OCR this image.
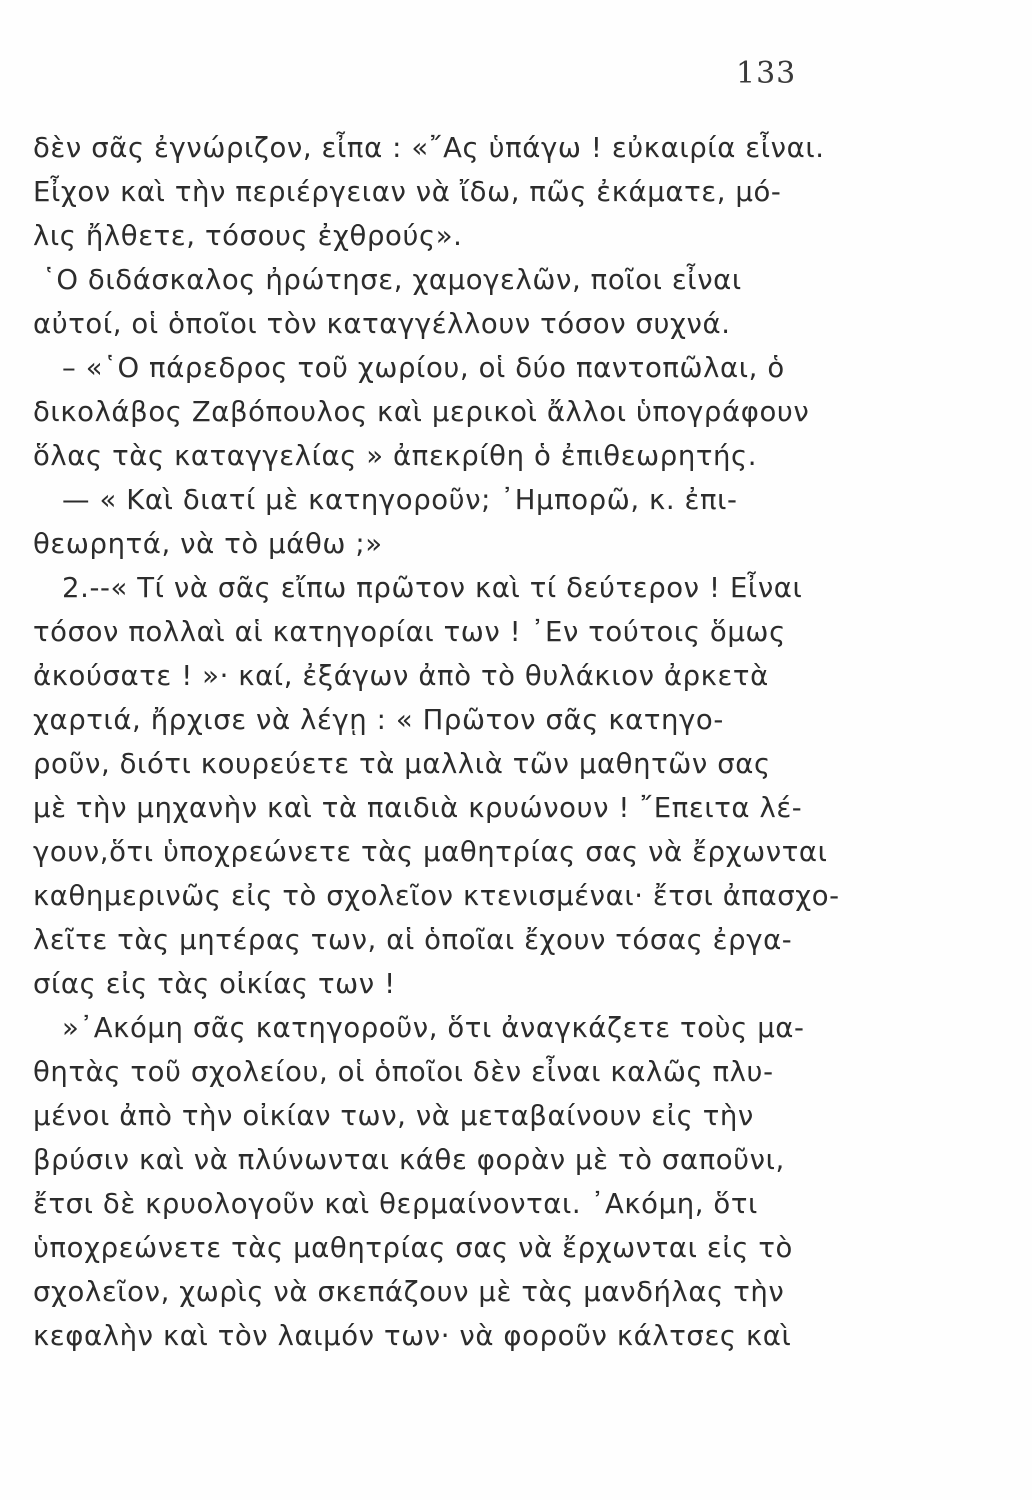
133
δὲν σᾶς ἐγνώριζον, εἶπα : «῎Ας ὑπάγω ! εὐκαιρία εἶναι.
Εἶχον καὶ τὴν περιέργειαν νὰ ἴδω, πῶς ἐκάματε, μό-
λις ἤλθετε, τόσους ἐχθρούς».
῾Ο διδάσκαλος ἠρώτησε, χαμογελῶν, ποῖοι εἶναι
αὐτοί, οἱ ὁποῖοι τὸν καταγγέλλουν τόσον συχνά.
– «῾Ο πάρεδρος τοῦ χωρίου, οἱ δύο παντοπῶλαι, ὁ
δικολάβος Ζαβόπουλος καὶ μερικοὶ ἄλλοι ὑπογράφουν
ὅλας τὰς καταγγελίας » ἀπεκρίθη ὁ ἐπιθεωρητής.
— « Καὶ διατί μὲ κατηγοροῦν; ᾿Ημπορῶ, κ. ἐπι-
θεωρητά, νὰ τὸ μάθω ;»
2.--« Τί νὰ σᾶς εἴπω πρῶτον καὶ τί δεύτερον ! Εἶναι
τόσον πολλαὶ αἱ κατηγορίαι των ! ᾿Εν τούτοις ὅμως
ἀκούσατε ! »· καί, ἐξάγων ἀπὸ τὸ θυλάκιον ἀρκετὰ
χαρτιά, ἤρχισε νὰ λέγῃ : « Πρῶτον σᾶς κατηγο-
ροῦν, διότι κουρεύετε τὰ μαλλιὰ τῶν μαθητῶν σας
μὲ τὴν μηχανὴν καὶ τὰ παιδιὰ κρυώνουν ! ῎Επειτα λέ-
γουν,ὅτι ὑποχρεώνετε τὰς μαθητρίας σας νὰ ἔρχωνται
καθημερινῶς εἰς τὸ σχολεῖον κτενισμέναι· ἔτσι ἀπασχο-
λεῖτε τὰς μητέρας των, αἱ ὁποῖαι ἔχουν τόσας ἐργα-
σίας εἰς τὰς οἰκίας των !
»᾿Ακόμη σᾶς κατηγοροῦν, ὅτι ἀναγκάζετε τοὺς μα-
θητὰς τοῦ σχολείου, οἱ ὁποῖοι δὲν εἶναι καλῶς πλυ-
μένοι ἀπὸ τὴν οἰκίαν των, νὰ μεταβαίνουν εἰς τὴν
βρύσιν καὶ νὰ πλύνωνται κάθε φορὰν μὲ τὸ σαποῦνι,
ἔτσι δὲ κρυολογοῦν καὶ θερμαίνονται. ᾿Ακόμη, ὅτι
ὑποχρεώνετε τὰς μαθητρίας σας νὰ ἔρχωνται εἰς τὸ
σχολεῖον, χωρὶς νὰ σκεπάζουν μὲ τὰς μανδήλας τὴν
κεφαλὴν καὶ τὸν λαιμόν των· νὰ φοροῦν κάλτσες καὶ
